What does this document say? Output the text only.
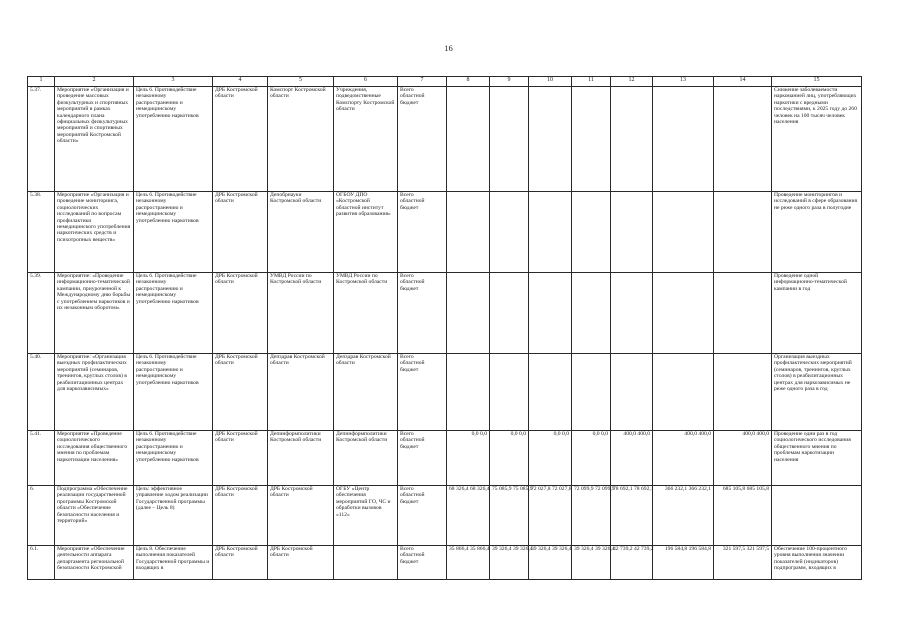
16
1	2	3	4	5	6	7	8	9	10	11	12	13	14	15
5.37.	Мероприятие «Организация и проведение массовых физкультурных и спортивных мероприятий в рамках календарного плана официальных физкультурных мероприятий и спортивных мероприятий Костромской области»	Цель 6. Противодействие незаконному распространению и немедицинскому употреблению наркотиков	ДРБ Костромской области	Комспорт Костромской области	Учреждения, подведомственные Комспорту Костромской области	Всего
областной бюджет								Снижение заболеваемости наркоманией лиц, употребляющих наркотики с вредными последствиями, к 2025 году до 260 человек на 100 тысяч человек населения
5.38.	Мероприятие «Организация и проведение мониторинга, социологических исследований по вопросам профилактики немедицинского употребления наркотических средств и психотропных веществ»	Цель 6. Противодействие незаконному распространению и немедицинскому употреблению наркотиков	ДРБ Костромской области	Депобрнауки Костромской области	ОГБОУ ДПО «Костромской областной институт развития образования»	Всего
областной бюджет								Проведение мониторингов и исследований в сфере образования не реже одного раза в полугодие
5.39.	Мероприятие: «Проведение информационно-тематической кампании, приуроченной к Международному дню борьбы с употреблением наркотиков и их незаконным оборотом»	Цель 6. Противодействие незаконному распространению и немедицинскому употреблению наркотиков	ДРБ Костромской области	УМВД России по Костромской области	УМВД России по Костромской области	Всего
областной бюджет								Проведение одной информационно-тематической кампании в год
5.40.	Мероприятие: «Организация выездных профилактических мероприятий (семинаров, тренингов, круглых столов) в реабилитационных центрах для наркозависимых»	Цель 6. Противодействие незаконному распространению и немедицинскому употреблению наркотиков	ДРБ Костромской области	Депздрав Костромской области	Депздрав Костромской области	Всего
областной бюджет								Организация выездных профилактических мероприятий (семинаров, тренингов, круглых столов) в реабилитационных центрах для наркозависимых не реже одного раза в год
5.41.	Мероприятие «Проведение социологического исследования общественного мнения по проблемам наркотизации населения»	Цель 6. Противодействие незаконному распространению и немедицинскому употреблению наркотиков	ДРБ Костромской области	Депинформполитики Костромской области	Депинформполитики Костромской области	Всего
областной бюджет	0,0 0,0	0,0 0,0	0,0 0,0	0,0 0,0	400,0 400,0	400,0 400,0	400,0 400,0	Проведение одни раз в год социологического исследования общественного мнения по проблемам наркотизации населения
6.	Подпрограмма «Обеспечение реализации государственной программы Костромской области «Обеспечение безопасности населения и территорий»	Цель: эффективное управление ходом реализации Государственной программы (далее – Цель 8)	ДРБ Костромской области	ДРБ Костромской области	ОГБУ «Центр обеспечения мероприятий ГО, ЧС и обработки вызовов «112»	Всего
областной бюджет	68 326,4 68 326,4	75 085,9 75 085,9	72 027,8 72 027,8	72 099,9 72 099,9	78 692,1 78 692,1	366 232,1 366 232,1	685 105,8 685 105,8	
6.1.	Мероприятие «Обеспечение деятельности аппарата департамента региональной безопасности Костромской	Цель 8. Обеспечение выполнения показателей Государственной программы и входящих в	ДРБ Костромской области	ДРБ Костромской области		Всего
областной бюджет	35 866,4 35 866,4	39 326,4 39 326,4	39 326,4 39 326,4	39 326,4 39 326,4	42 739,2 42 739,2	196 584,8 196 584,8	321 597,5 321 597,5	Обеспечение 100-процентного уровня выполнения значении показателей (индикаторов) подпрограмм, входящих в
